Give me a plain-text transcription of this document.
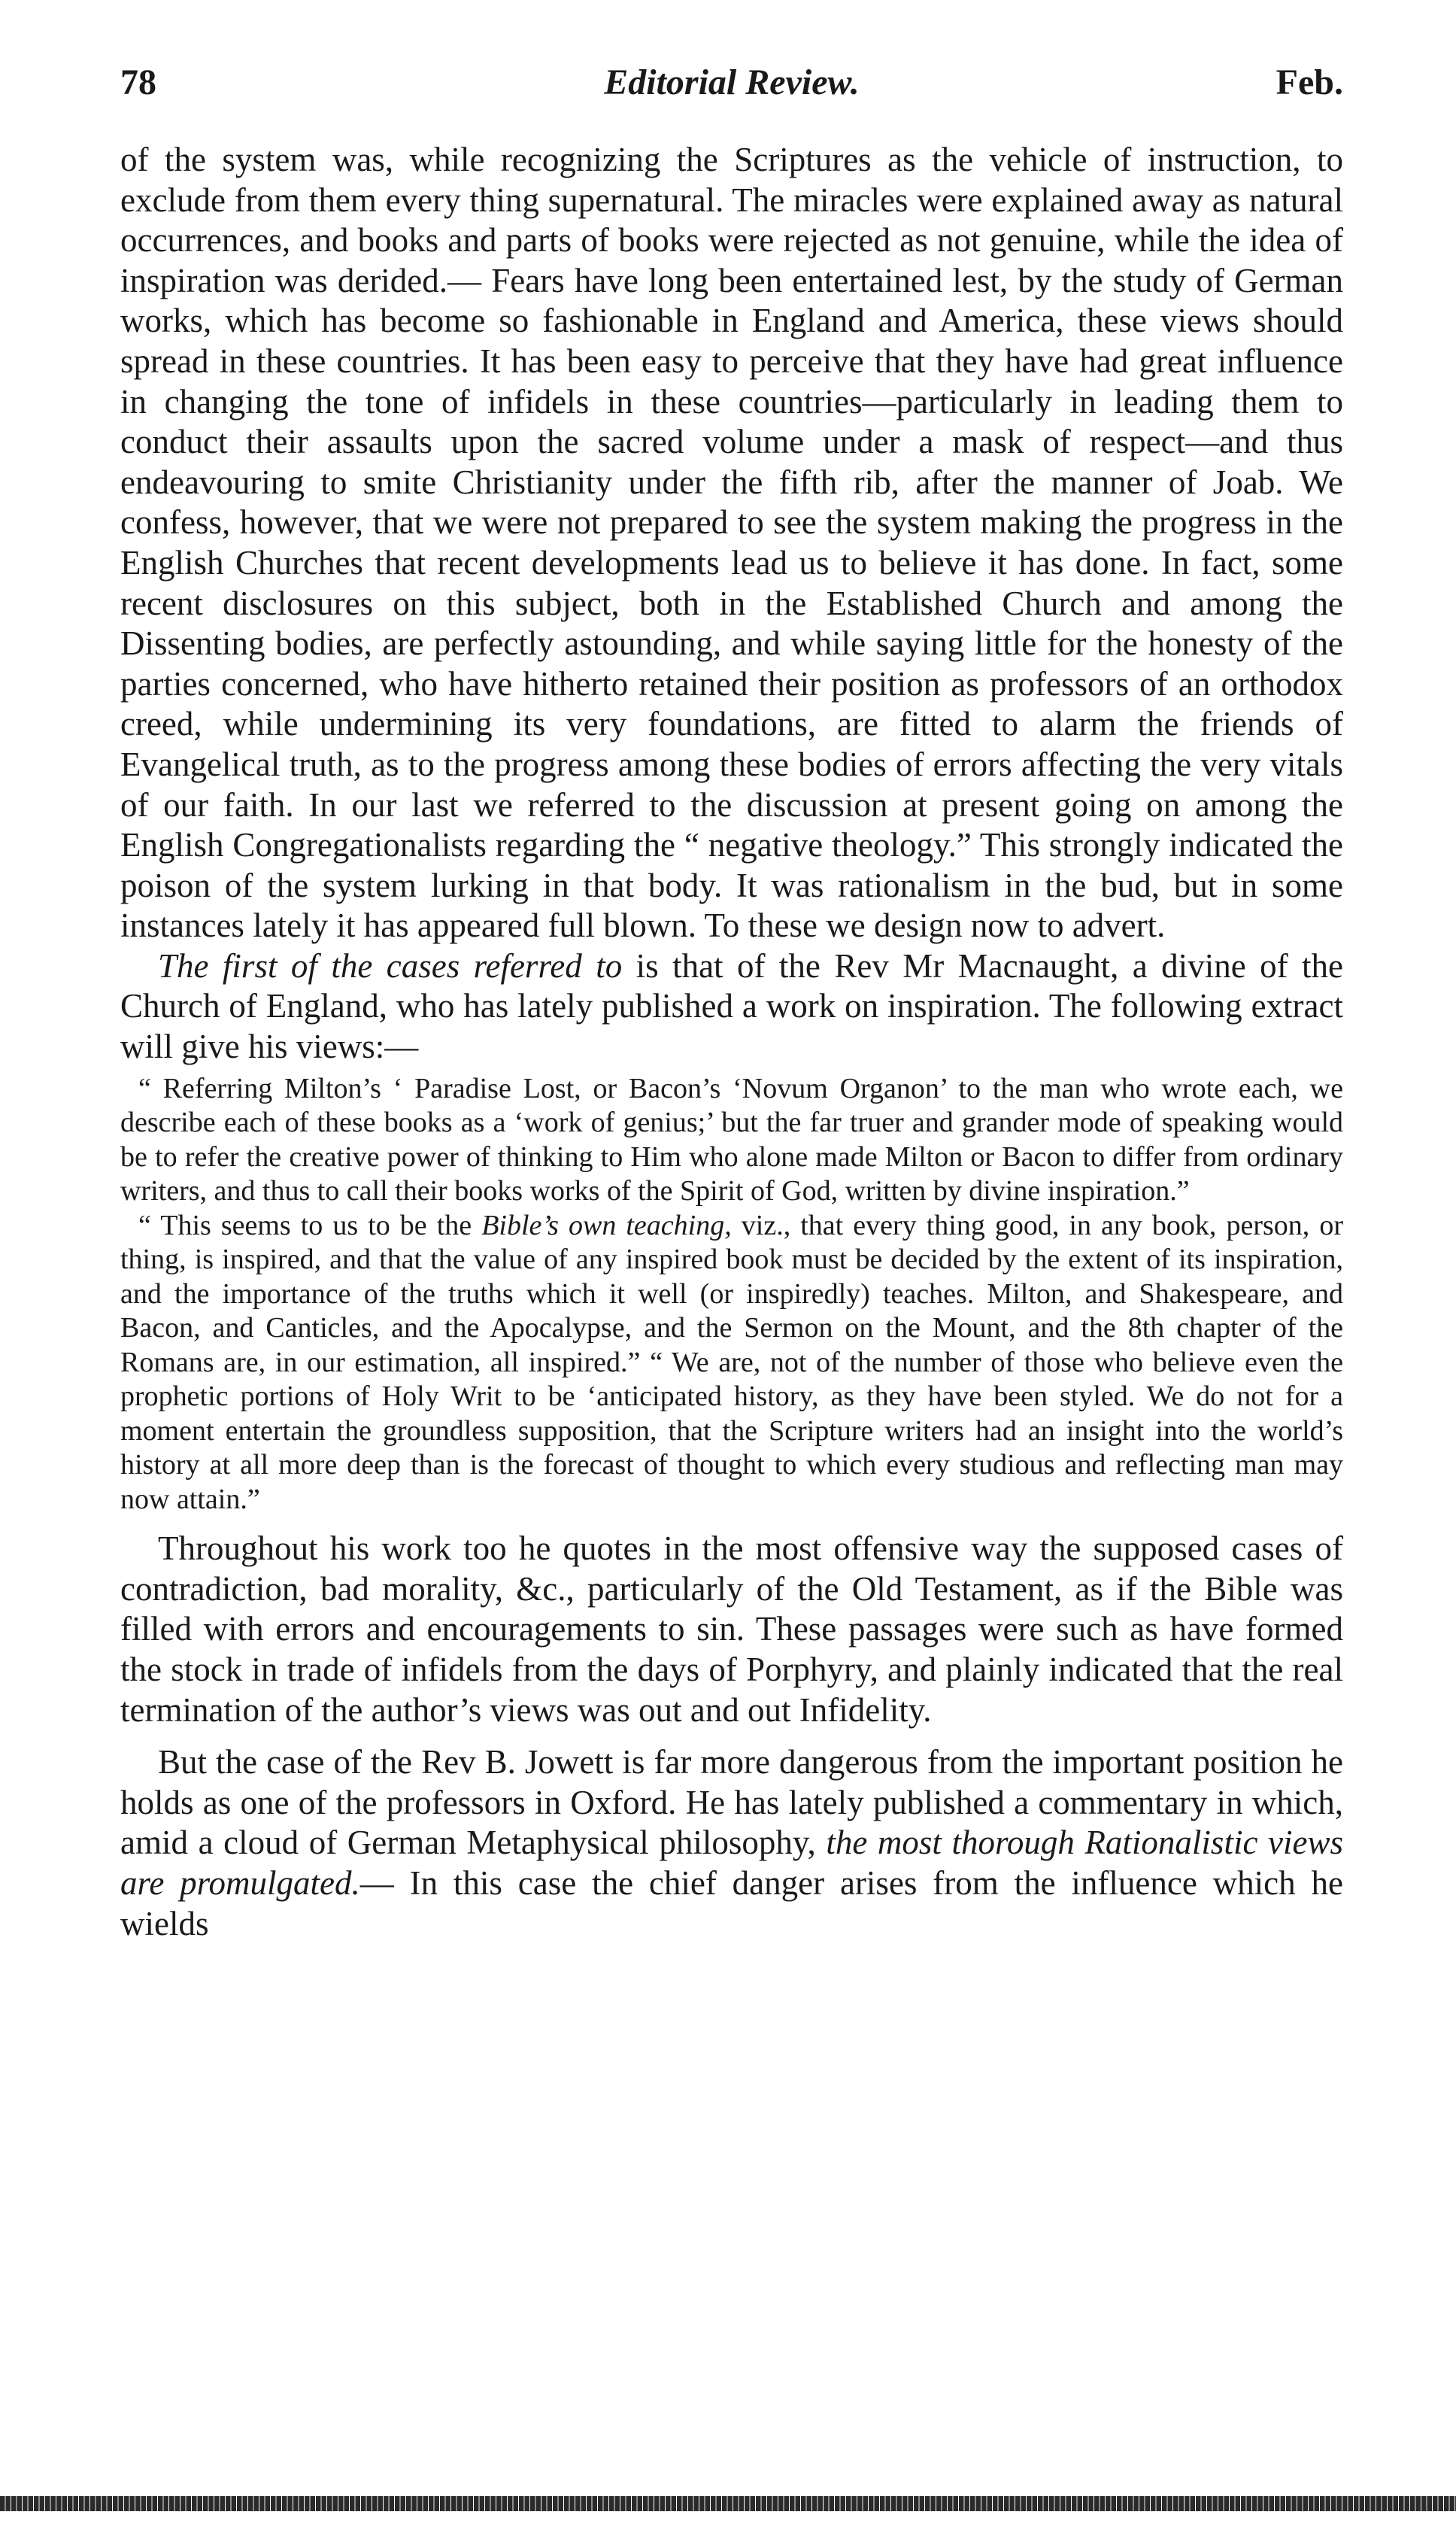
78	Editorial Review.	Feb.

of the system was, while recognizing the Scriptures as the vehicle of instruction, to exclude from them every thing supernatural. The miracles were explained away as natural occurrences, and books and parts of books were rejected as not genuine, while the idea of inspiration was derided.— Fears have long been entertained lest, by the study of German works, which has become so fashionable in England and America, these views should spread in these countries. It has been easy to perceive that they have had great influence in changing the tone of infidels in these countries—particularly in leading them to conduct their assaults upon the sacred volume under a mask of respect—and thus endeavouring to smite Christianity under the fifth rib, after the manner of Joab. We confess, however, that we were not prepared to see the system making the progress in the English Churches that recent developments lead us to believe it has done. In fact, some recent disclosures on this subject, both in the Established Church and among the Dissenting bodies, are perfectly astounding, and while saying little for the honesty of the parties concerned, who have hitherto retained their position as professors of an orthodox creed, while undermining its very foundations, are fitted to alarm the friends of Evangelical truth, as to the progress among these bodies of errors affecting the very vitals of our faith. In our last we referred to the discussion at present going on among the English Congregationalists regarding the “ negative theology.” This strongly indicated the poison of the system lurking in that body. It was rationalism in the bud, but in some instances lately it has appeared full blown. To these we design now to advert.

The first of the cases referred to is that of the Rev Mr Macnaught, a divine of the Church of England, who has lately published a work on inspiration. The following extract will give his views:—

“ Referring Milton’s ‘ Paradise Lost, or Bacon’s ‘Novum Organon’ to the man who wrote each, we describe each of these books as a ‘work of genius;’ but the far truer and grander mode of speaking would be to refer the creative power of thinking to Him who alone made Milton or Bacon to differ from ordinary writers, and thus to call their books works of the Spirit of God, written by divine inspiration.”

“ This seems to us to be the Bible’s own teaching, viz., that every thing good, in any book, person, or thing, is inspired, and that the value of any inspired book must be decided by the extent of its inspiration, and the importance of the truths which it well (or inspiredly) teaches. Milton, and Shakespeare, and Bacon, and Canticles, and the Apocalypse, and the Sermon on the Mount, and the 8th chapter of the Romans are, in our estimation, all inspired.” “ We are, not of the number of those who believe even the prophetic portions of Holy Writ to be ‘anticipated history, as they have been styled. We do not for a moment entertain the groundless supposition, that the Scripture writers had an insight into the world’s history at all more deep than is the forecast of thought to which every studious and reflecting man may now attain.”

Throughout his work too he quotes in the most offensive way the supposed cases of contradiction, bad morality, &c., particularly of the Old Testament, as if the Bible was filled with errors and encouragements to sin. These passages were such as have formed the stock in trade of infidels from the days of Porphyry, and plainly indicated that the real termination of the author’s views was out and out Infidelity.

But the case of the Rev B. Jowett is far more dangerous from the important position he holds as one of the professors in Oxford. He has lately published a commentary in which, amid a cloud of German Metaphysical philosophy, the most thorough Rationalistic views are promulgated.— In this case the chief danger arises from the influence which he wields
